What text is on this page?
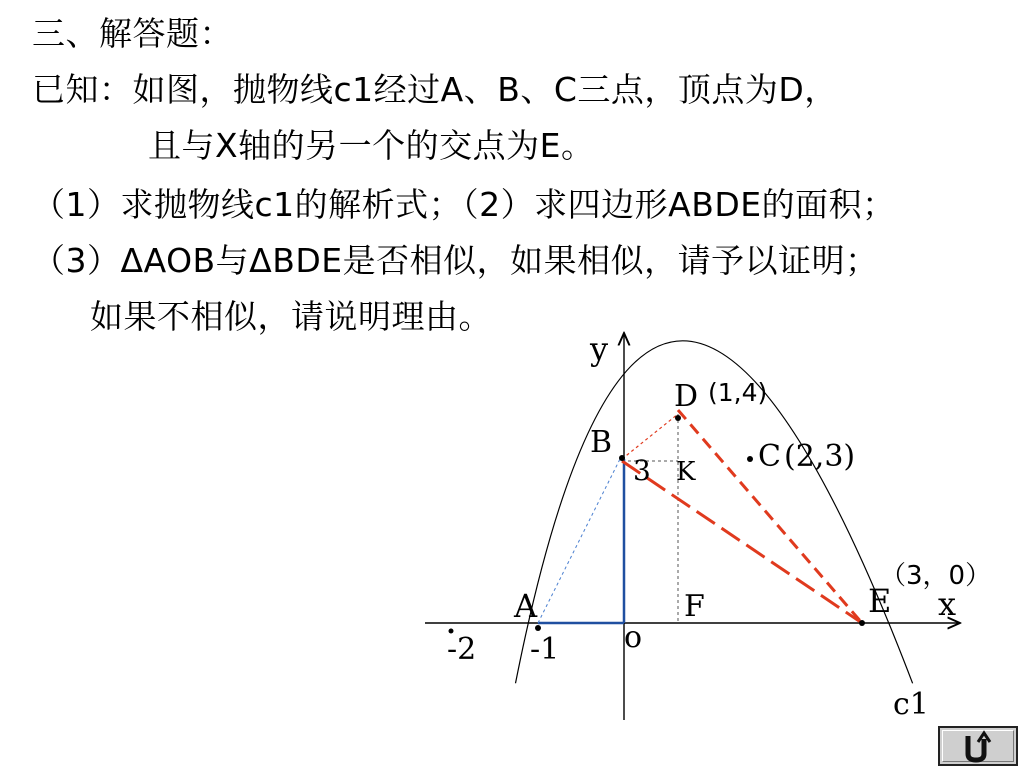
三、解答题：
已知：如图，抛物线c1经过A、B、C三点，顶点为D，
且与X轴的另一个的交点为E。
（1）求抛物线c1的解析式；（2）求四边形ABDE的面积；
（3）ΔAOB与ΔBDE是否相似，如果相似，请予以证明；
如果不相似，请说明理由。
y
x
o
D (1,4)
B	C (2,3)
K
3
（3，0）
E
A	F
-2 -1
c1
